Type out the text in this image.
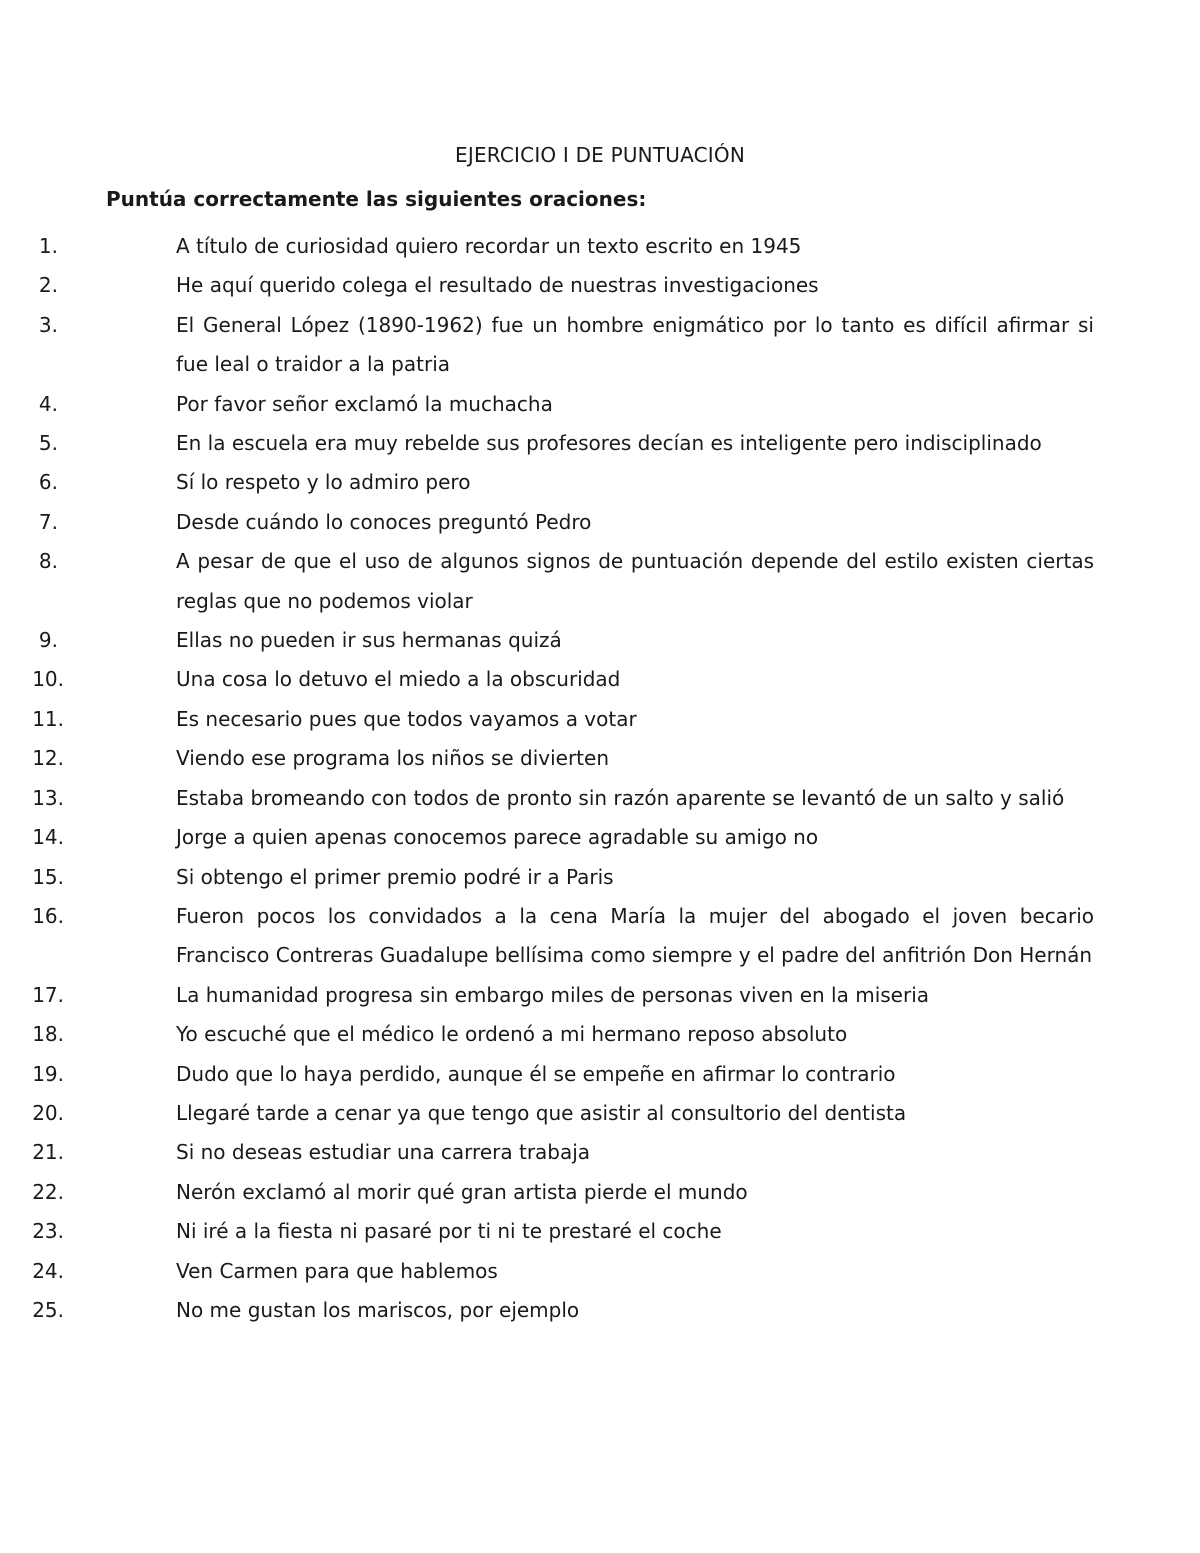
EJERCICIO I DE PUNTUACIÓN
Puntúa correctamente las siguientes oraciones:
1.	A título de curiosidad quiero recordar un texto escrito en 1945
2.	He aquí querido colega el resultado de nuestras investigaciones
3.	El General López (1890-1962) fue un hombre enigmático por lo tanto es difícil afirmar si fue leal o traidor a la patria
4.	Por favor señor exclamó la muchacha
5.	En la escuela era muy rebelde sus profesores decían es inteligente pero indisciplinado
6.	Sí lo respeto y lo admiro pero
7.	Desde cuándo lo conoces preguntó Pedro
8.	A pesar de que el uso de algunos signos de puntuación depende del estilo existen ciertas reglas que no podemos violar
9.	Ellas no pueden ir sus hermanas quizá
10.	Una cosa lo detuvo el miedo a la obscuridad
11.	Es necesario pues que todos vayamos a votar
12.	Viendo ese programa los niños se divierten
13.	Estaba bromeando con todos de pronto sin razón aparente se levantó de un salto y salió
14.	Jorge a quien apenas conocemos parece agradable su amigo no
15.	Si obtengo el primer premio podré ir a Paris
16.	Fueron pocos los convidados a la cena María la mujer del abogado el joven becario Francisco Contreras Guadalupe bellísima como siempre y el padre del anfitrión Don Hernán
17.	La humanidad progresa sin embargo miles de personas viven en la miseria
18.	Yo escuché que el médico le ordenó a mi hermano reposo absoluto
19.	Dudo que lo haya perdido, aunque él se empeñe en afirmar lo contrario
20.	Llegaré tarde a cenar ya que tengo que asistir al consultorio del dentista
21.	Si no deseas estudiar una carrera trabaja
22.	Nerón exclamó al morir qué gran artista pierde el mundo
23.	Ni iré a la fiesta ni pasaré por ti ni te prestaré el coche
24.	Ven Carmen para que hablemos
25.	No me gustan los mariscos, por ejemplo
